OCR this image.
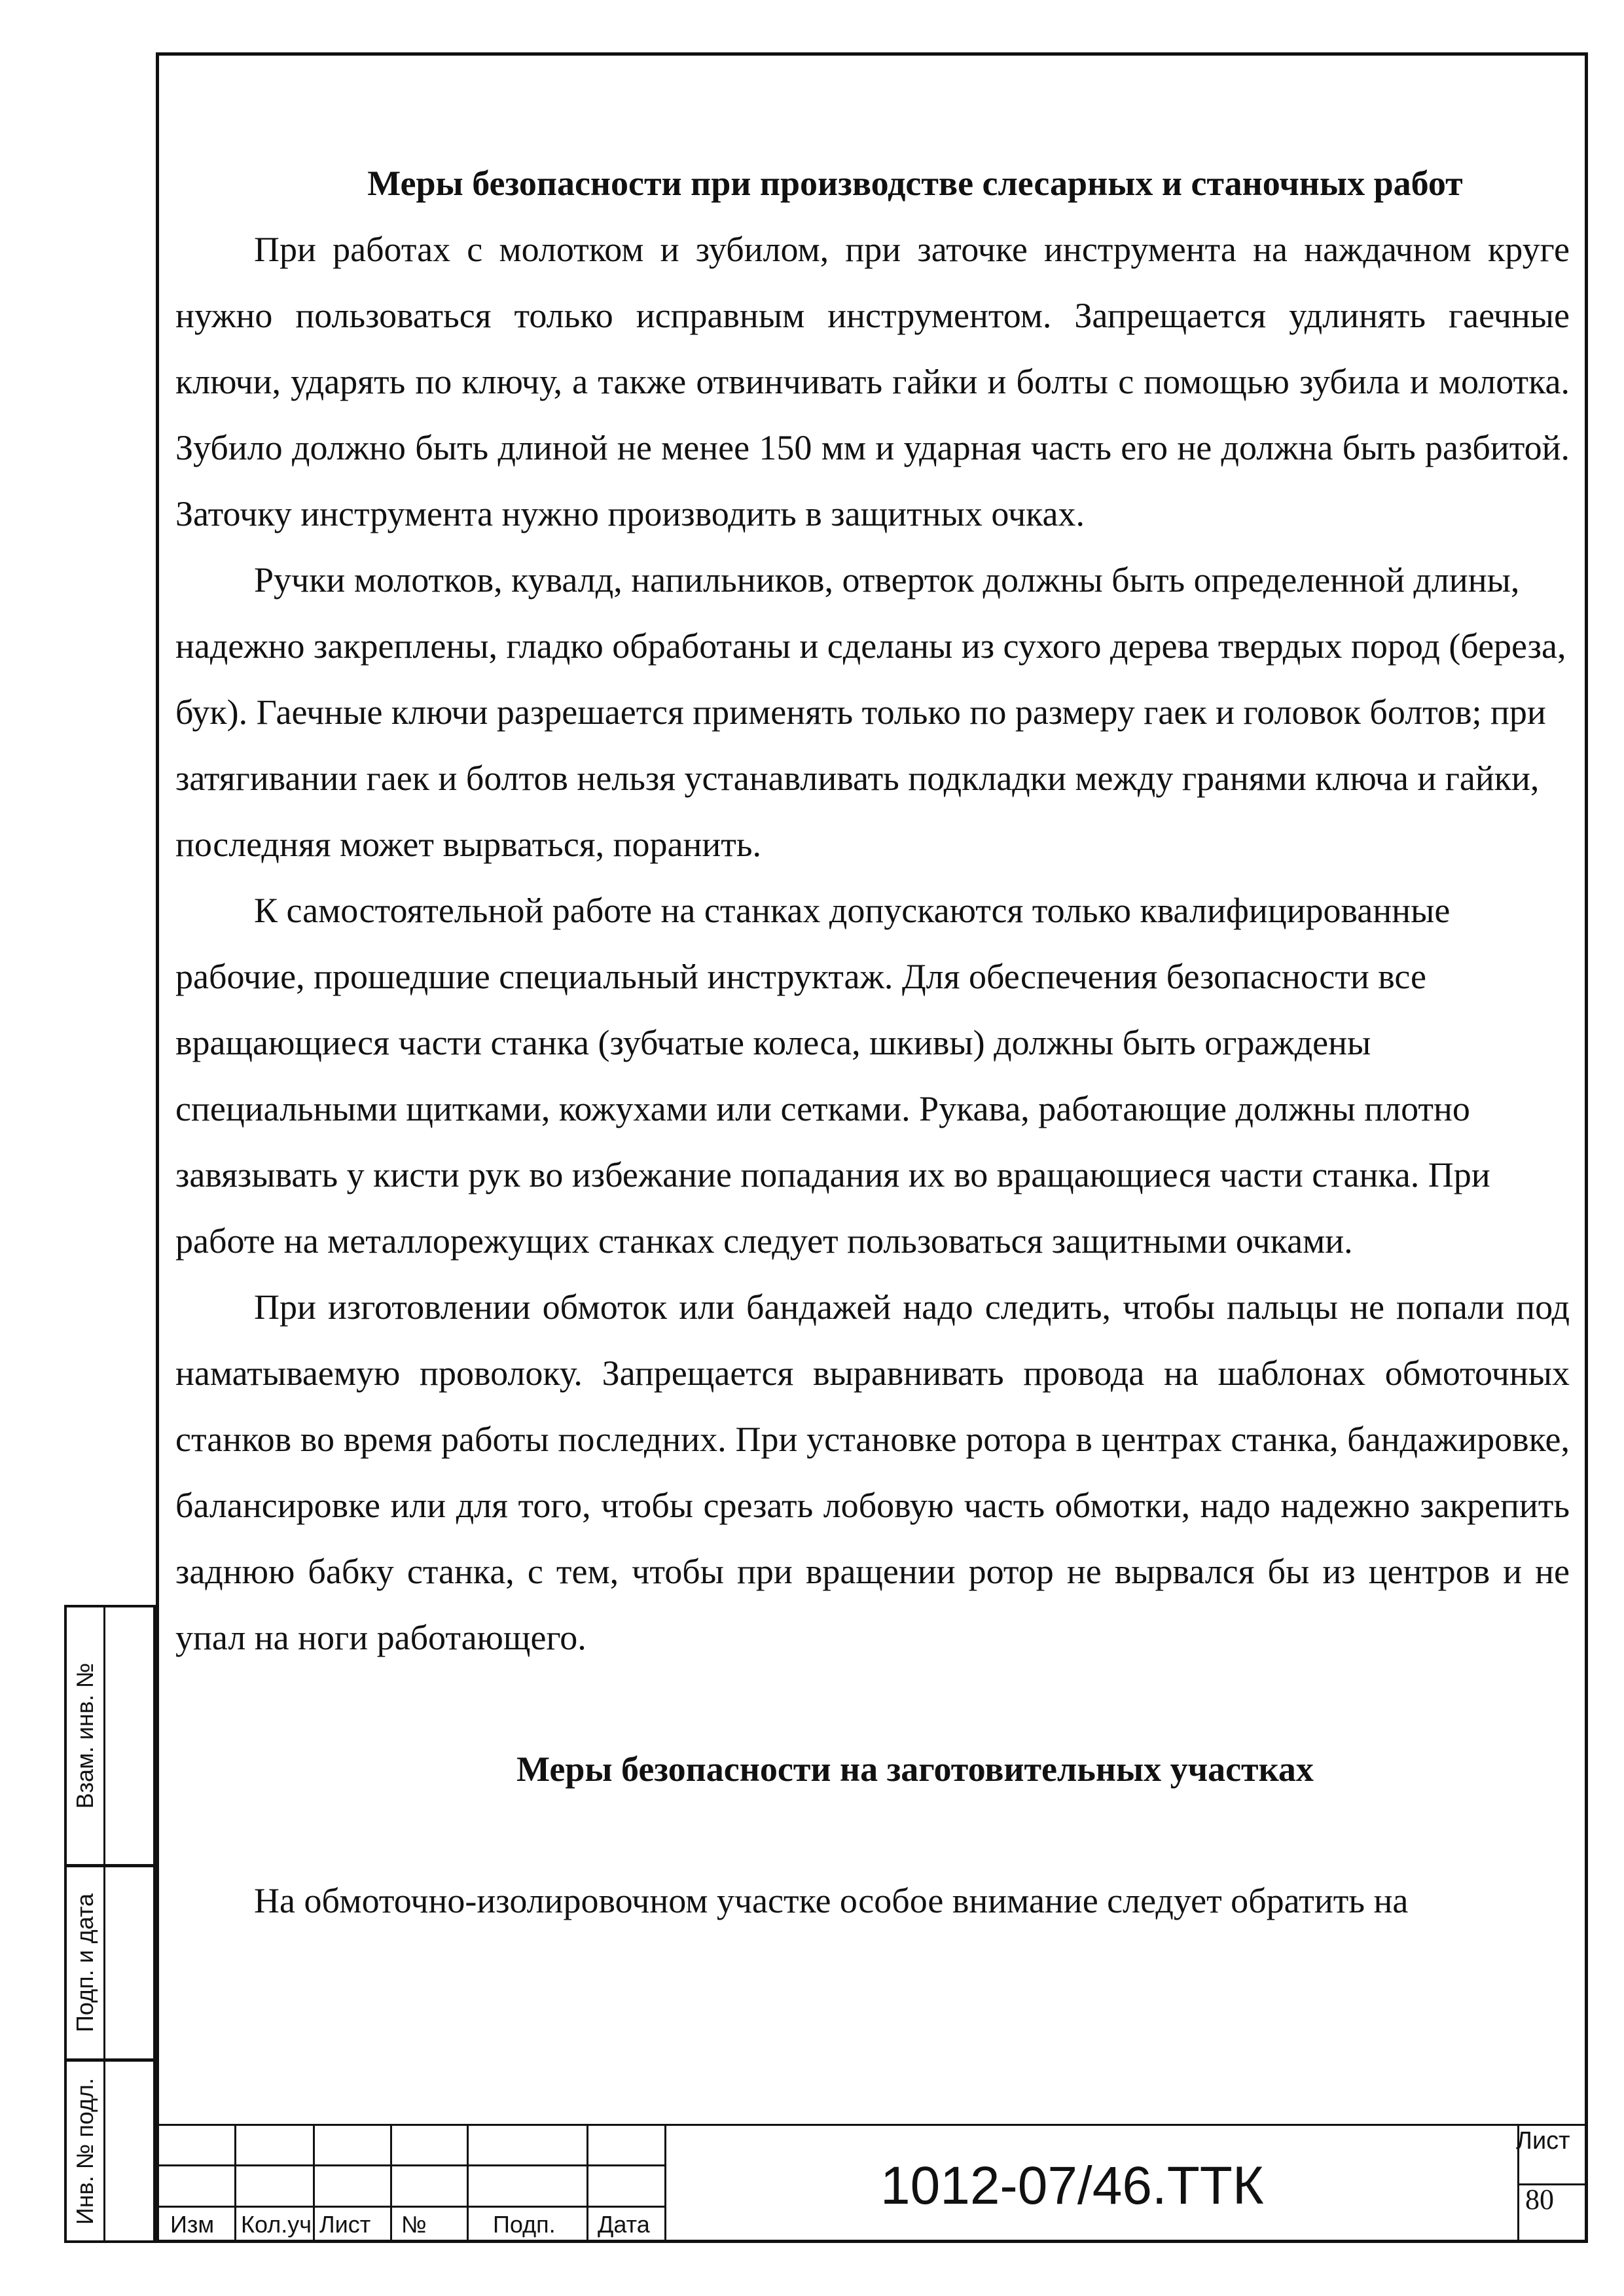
Меры безопасности при производстве слесарных и станочных работ

При работах с молотком и зубилом, при заточке инструмента на наждачном круге нужно пользоваться только исправным инструментом. Запрещается удлинять гаечные ключи, ударять по ключу, а также отвинчивать гайки и болты с помощью зубила и молотка. Зубило должно быть длиной не менее 150 мм и ударная часть его не должна быть разбитой. Заточку инструмента нужно производить в защитных очках.

Ручки молотков, кувалд, напильников, отверток должны быть определенной длины, надежно закреплены, гладко обработаны и сделаны из сухого дерева твердых пород (береза, бук). Гаечные ключи разрешается применять только по размеру гаек и головок болтов; при затягивании гаек и болтов нельзя устанавливать подкладки между гранями ключа и гайки, последняя может вырваться, поранить.

К самостоятельной работе на станках допускаются только квалифицированные рабочие, прошедшие специальный инструктаж. Для обеспечения безопасности все вращающиеся части станка (зубчатые колеса, шкивы) должны быть ограждены специальными щитками, кожухами или сетками. Рукава, работающие должны плотно завязывать у кисти рук во избежание попадания их во вращающиеся части станка. При работе на металлорежущих станках следует пользоваться защитными очками.

При изготовлении обмоток или бандажей надо следить, чтобы пальцы не попали под наматываемую проволоку. Запрещается выравнивать провода на шаблонах обмоточных станков во время работы последних. При установке ротора в центрах станка, бандажировке, балансировке или для того, чтобы срезать лобовую часть обмотки, надо надежно закрепить заднюю бабку станка, с тем, чтобы при вращении ротор не вырвался бы из центров и не упал на ноги работающего.

Меры безопасности на заготовительных участках

На обмоточно-изолировочном участке особое внимание следует обратить на

Взам. инв. №
Подп. и дата
Инв. № подл.	Изм Кол.уч Лист №	Подп. Дата
1012-07/46.ТТК
Лист
80
